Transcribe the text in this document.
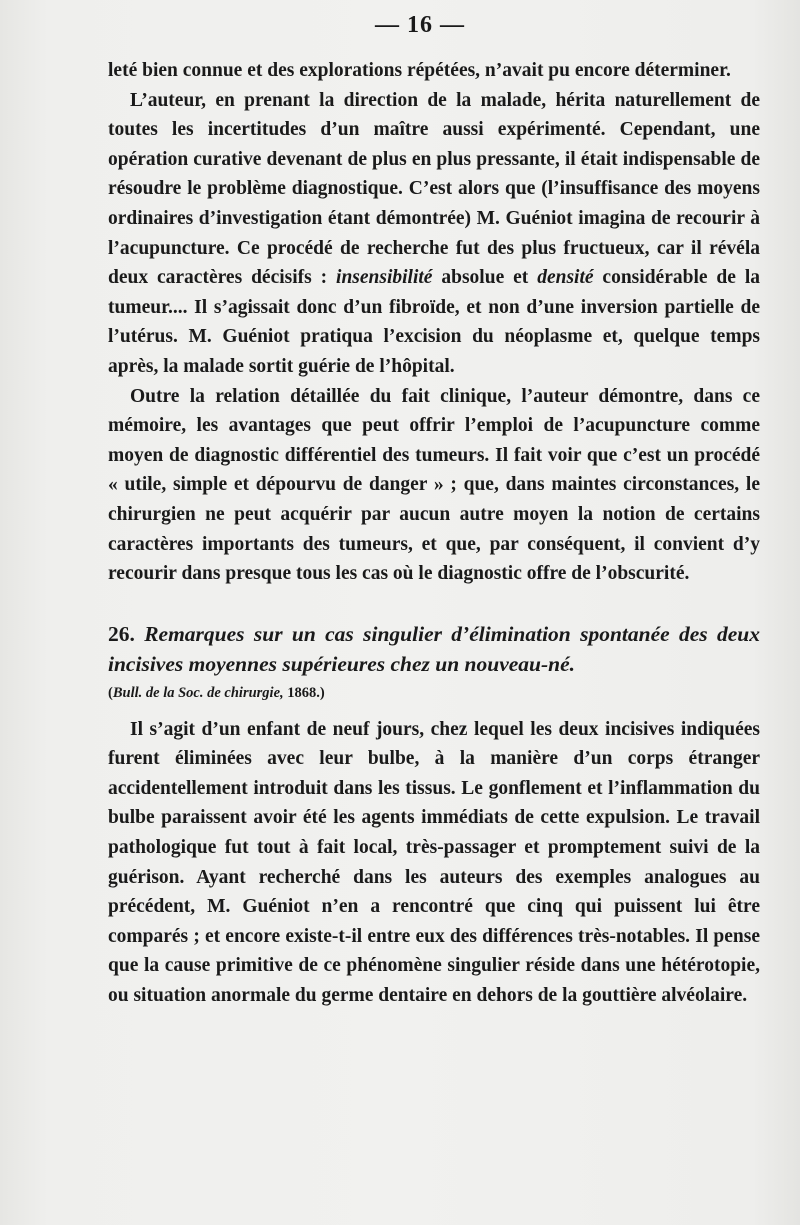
— 16 —

leté bien connue et des explorations répétées, n’avait pu encore déterminer.

L’auteur, en prenant la direction de la malade, hérita naturellement de toutes les incertitudes d’un maître aussi expérimenté. Cependant, une opération curative devenant de plus en plus pressante, il était indispensable de résoudre le problème diagnostique. C’est alors que (l’insuffisance des moyens ordinaires d’investigation étant démontrée) M. Guéniot imagina de recourir à l’acupuncture. Ce procédé de recherche fut des plus fructueux, car il révéla deux caractères décisifs : insensibilité absolue et densité considérable de la tumeur.... Il s’agissait donc d’un fibroïde, et non d’une inversion partielle de l’utérus. M. Guéniot pratiqua l’excision du néoplasme et, quelque temps après, la malade sortit guérie de l’hôpital.

Outre la relation détaillée du fait clinique, l’auteur démontre, dans ce mémoire, les avantages que peut offrir l’emploi de l’acupuncture comme moyen de diagnostic différentiel des tumeurs. Il fait voir que c’est un procédé « utile, simple et dépourvu de danger » ; que, dans maintes circonstances, le chirurgien ne peut acquérir par aucun autre moyen la notion de certains caractères importants des tumeurs, et que, par conséquent, il convient d’y recourir dans presque tous les cas où le diagnostic offre de l’obscurité.

26. Remarques sur un cas singulier d’élimination spontanée des deux incisives moyennes supérieures chez un nouveau-né.

(Bull. de la Soc. de chirurgie, 1868.)

Il s’agit d’un enfant de neuf jours, chez lequel les deux incisives indiquées furent éliminées avec leur bulbe, à la manière d’un corps étranger accidentellement introduit dans les tissus. Le gonflement et l’inflammation du bulbe paraissent avoir été les agents immédiats de cette expulsion. Le travail pathologique fut tout à fait local, très-passager et promptement suivi de la guérison. Ayant recherché dans les auteurs des exemples analogues au précédent, M. Guéniot n’en a rencontré que cinq qui puissent lui être comparés ; et encore existe-t-il entre eux des différences très-notables. Il pense que la cause primitive de ce phénomène singulier réside dans une hétérotopie, ou situation anormale du germe dentaire en dehors de la gouttière alvéolaire.
